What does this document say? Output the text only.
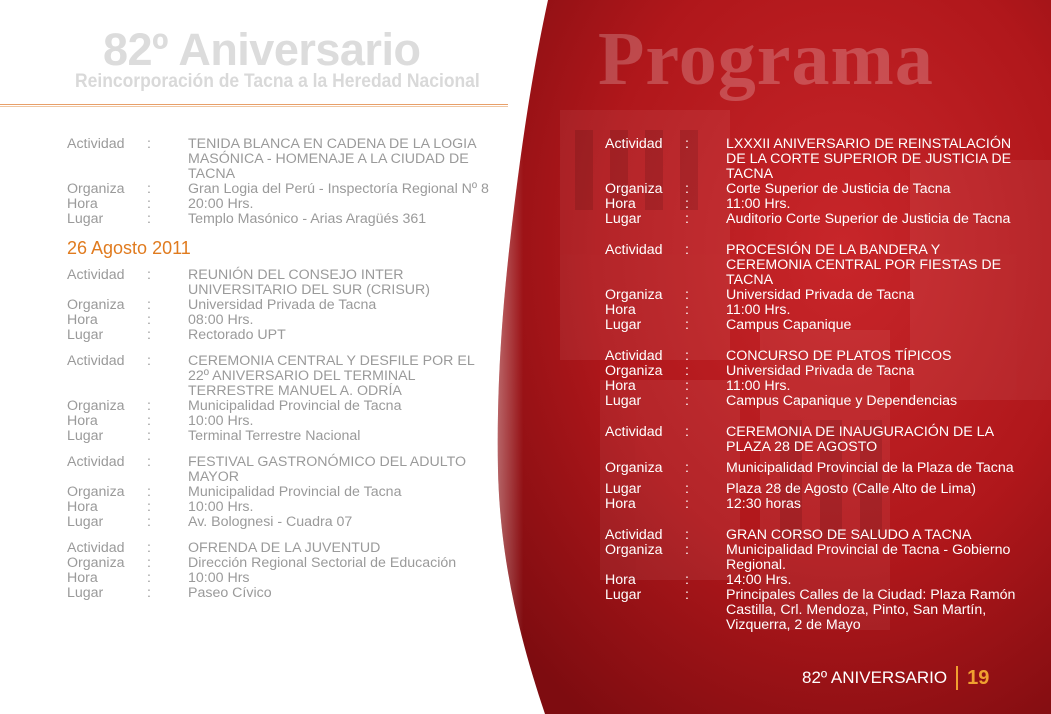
82º Aniversario
Reincorporación de Tacna a la Heredad Nacional Programa
Actividad	:	TENIDA BLANCA EN CADENA DE LA LOGIA MASÓNICA - HOMENAJE A LA CIUDAD DE TACNA
Organiza	:	Gran Logia del Perú - Inspectoría Regional Nº 8
Hora	:	20:00 Hrs.
Lugar	:	Templo Masónico - Arias Aragüés 361
26 Agosto 2011
Actividad	:	REUNIÓN DEL CONSEJO INTER UNIVERSITARIO DEL SUR (CRISUR)
Organiza	:	Universidad Privada de Tacna
Hora	:	08:00 Hrs.
Lugar	:	Rectorado UPT
Actividad	:	CEREMONIA CENTRAL Y DESFILE POR EL 22º ANIVERSARIO DEL TERMINAL TERRESTRE MANUEL A. ODRÍA
Organiza	:	Municipalidad Provincial de Tacna
Hora	:	10:00 Hrs.
Lugar	:	Terminal Terrestre Nacional
Actividad	:	FESTIVAL GASTRONÓMICO DEL ADULTO MAYOR
Organiza	:	Municipalidad Provincial de Tacna
Hora	:	10:00 Hrs.
Lugar	:	Av. Bolognesi - Cuadra 07
Actividad	:	OFRENDA DE LA JUVENTUD
Organiza	:	Dirección Regional Sectorial de Educación
Hora	:	10:00 Hrs
Lugar	:	Paseo Cívico
Actividad	:	LXXXII ANIVERSARIO DE REINSTALACIÓN DE LA CORTE SUPERIOR DE JUSTICIA DE TACNA
Organiza	:	Corte Superior de Justicia de Tacna
Hora	:	11:00 Hrs.
Lugar	:	Auditorio Corte Superior de Justicia de Tacna
Actividad	:	PROCESIÓN DE LA BANDERA Y CEREMONIA CENTRAL POR FIESTAS DE TACNA
Organiza	:	Universidad Privada de Tacna
Hora	:	11:00 Hrs.
Lugar	:	Campus Capanique
Actividad	:	CONCURSO DE PLATOS TÍPICOS
Organiza	:	Universidad Privada de Tacna
Hora	:	11:00 Hrs.
Lugar	:	Campus Capanique y Dependencias
Actividad	:	CEREMONIA DE INAUGURACIÓN DE LA PLAZA 28 DE AGOSTO
Organiza	:	Municipalidad Provincial de la Plaza de Tacna
Lugar	:	Plaza 28 de Agosto (Calle Alto de Lima)
Hora	:	12:30 horas
Actividad	:	GRAN CORSO DE SALUDO A TACNA
Organiza	:	Municipalidad Provincial de Tacna - Gobierno Regional.
Hora	:	14:00 Hrs.
Lugar	:	Principales Calles de la Ciudad: Plaza Ramón Castilla, Crl. Mendoza, Pinto, San Martín, Vizquerra, 2 de Mayo
82º ANIVERSARIO 19
